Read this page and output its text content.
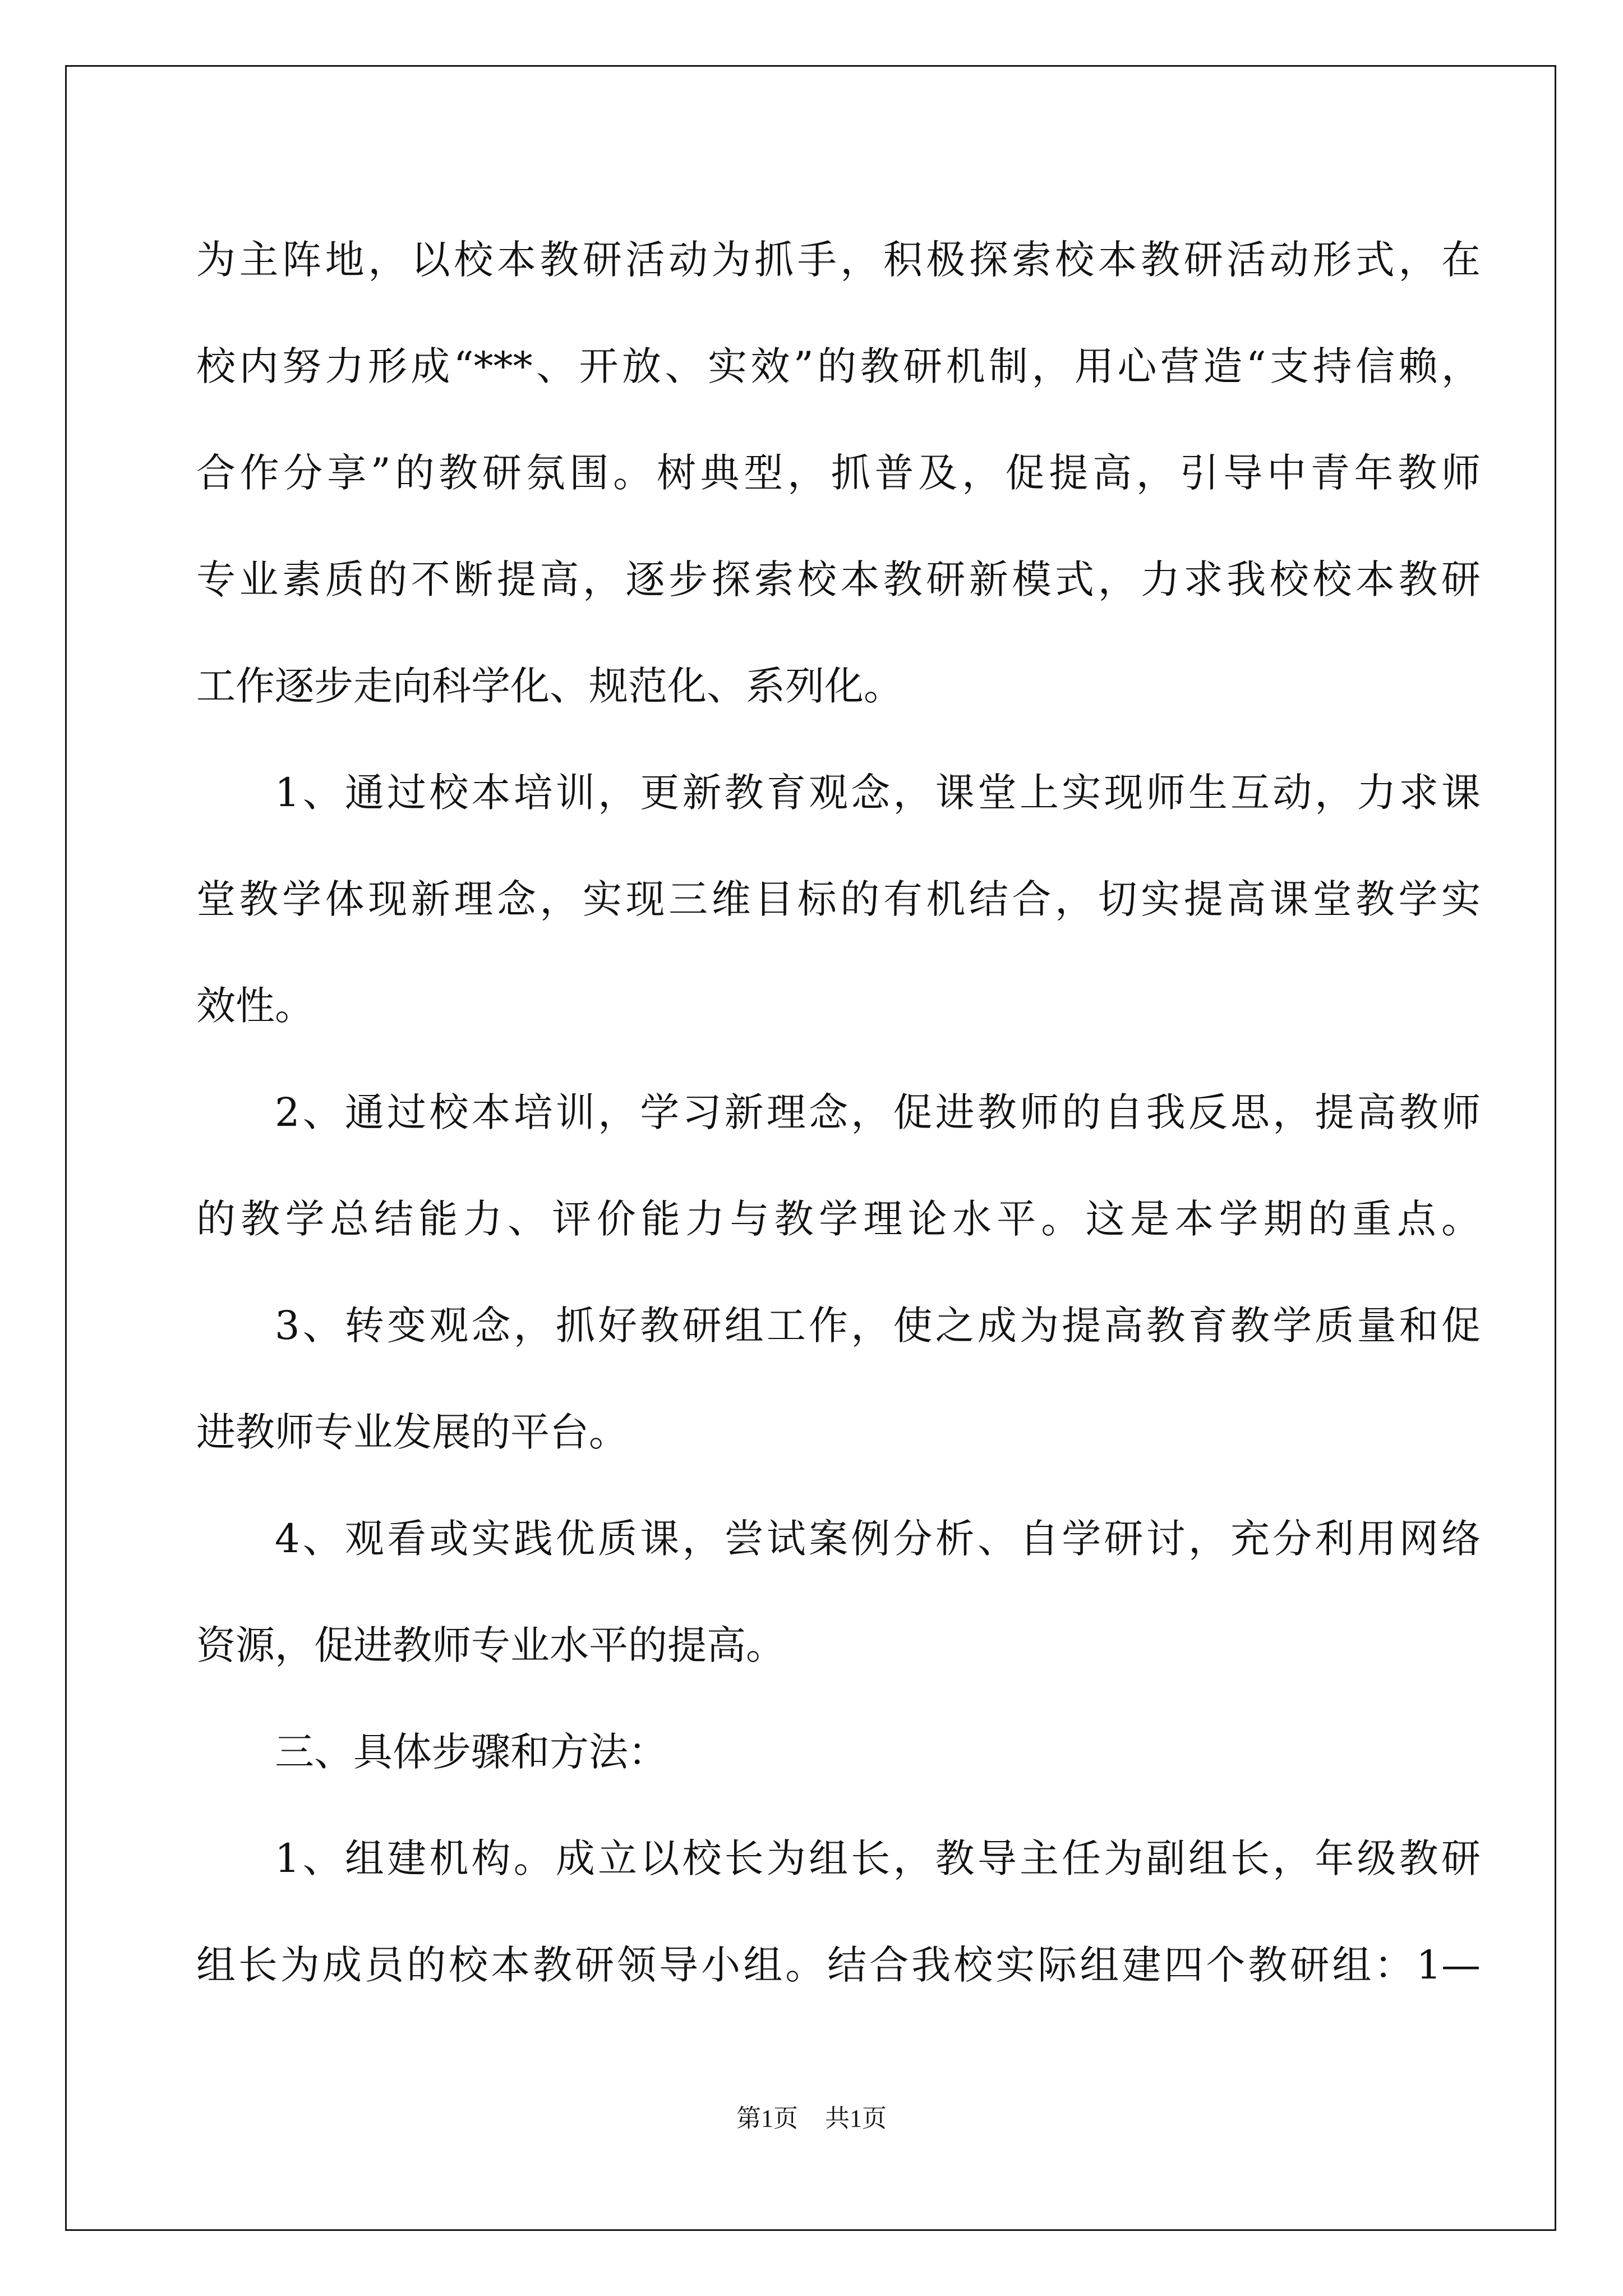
为主阵地，以校本教研活动为抓手，积极探索校本教研活动形式，在

校内努力形成“***、开放、实效”的教研机制，用心营造“支持信赖，

合作分享”的教研氛围。树典型，抓普及，促提高，引导中青年教师

专业素质的不断提高，逐步探索校本教研新模式，力求我校校本教研

工作逐步走向科学化、规范化、系列化。

1、通过校本培训，更新教育观念，课堂上实现师生互动，力求课

堂教学体现新理念，实现三维目标的有机结合，切实提高课堂教学实

效性。

2、通过校本培训，学习新理念，促进教师的自我反思，提高教师

的教学总结能力、评价能力与教学理论水平。这是本学期的重点。

3、转变观念，抓好教研组工作，使之成为提高教育教学质量和促

进教师专业发展的平台。

4、观看或实践优质课，尝试案例分析、自学研讨，充分利用网络

资源，促进教师专业水平的提高。

三、具体步骤和方法：

1、组建机构。成立以校长为组长，教导主任为副组长，年级教研

组长为成员的校本教研领导小组。结合我校实际组建四个教研组：1—

第1页 共1页
